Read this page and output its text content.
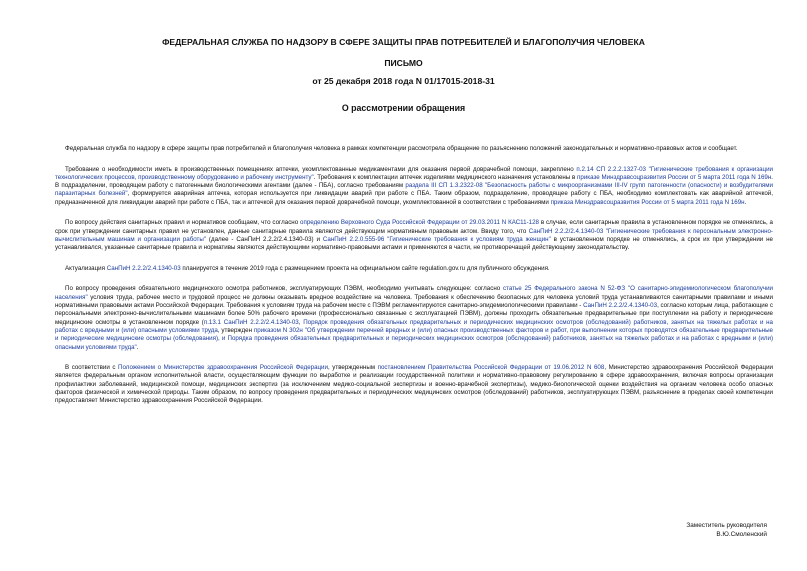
ФЕДЕРАЛЬНАЯ СЛУЖБА ПО НАДЗОРУ В СФЕРЕ ЗАЩИТЫ ПРАВ ПОТРЕБИТЕЛЕЙ И БЛАГОПОЛУЧИЯ ЧЕЛОВЕКА
ПИСЬМО
от 25 декабря 2018 года N 01/17015-2018-31
О рассмотрении обращения

Федеральная служба по надзору в сфере защиты прав потребителей и благополучия человека в рамках компетенции рассмотрела обращение по разъяснению положений законодательных и нормативно-правовых актов и сообщает.

Требование о необходимости иметь в производственных помещениях аптечки, укомплектованные медикаментами для оказания первой доврачебной помощи, закреплено п.2.14 СП 2.2.2.1327-03 "Гигиенические требования к организации технологических процессов, производственному оборудованию и рабочему инструменту". Требования к комплектации аптечек изделиями медицинского назначения установлены в приказе Минздравсоцразвития России от 5 марта 2011 года N 169н. В подразделении, проводящем работу с патогенными биологическими агентами (далее - ПБА), согласно требованиям раздела III СП 1.3.2322-08 "Безопасность работы с микроорганизмами III-IV групп патогенности (опасности) и возбудителями паразитарных болезней", формируется аварийная аптечка, которая используется при ликвидации аварий при работе с ПБА. Таким образом, подразделение, проводящее работу с ПБА, необходимо комплектовать как аварийной аптечкой, предназначенной для ликвидации аварий при работе с ПБА, так и аптечкой для оказания первой доврачебной помощи, укомплектованной в соответствии с требованиями приказа Минздравсоцразвития России от 5 марта 2011 года N 169н.

По вопросу действия санитарных правил и нормативов сообщаем, что согласно определению Верховного Суда Российской Федерации от 29.03.2011 N КАС11-128 в случае, если санитарные правила в установленном порядке не отменялись, а срок при утверждении санитарных правил не установлен, данные санитарные правила являются действующим нормативным правовым актом. Ввиду того, что СанПиН 2.2.2/2.4.1340-03 "Гигиенические требования к персональным электронно-вычислительным машинам и организации работы" (далее - СанПиН 2.2.2/2.4.1340-03) и СанПиН 2.2.0.555-96 "Гигиенические требования к условиям труда женщин" в установленном порядке не отменялись, а срок их при утверждении не устанавливался, указанные санитарные правила и нормативы являются действующими нормативно-правовыми актами и применяются в части, не противоречащей действующему законодательству.

Актуализация СанПиН 2.2.2/2.4.1340-03 планируется в течение 2019 года с размещением проекта на официальном сайте regulation.gov.ru для публичного обсуждения.

По вопросу проведения обязательного медицинского осмотра работников, эксплуатирующих ПЭВМ, необходимо учитывать следующее: согласно статье 25 Федерального закона N 52-ФЗ "О санитарно-эпидемиологическом благополучии населения" условия труда, рабочее место и трудовой процесс не должны оказывать вредное воздействие на человека. Требования к обеспечению безопасных для человека условий труда устанавливаются санитарными правилами и иными нормативными правовыми актами Российской Федерации. Требования к условиям труда на рабочем месте с ПЭВМ регламентируются санитарно-эпидемиологическими правилами - СанПиН 2.2.2/2.4.1340-03, согласно которым лица, работающие с персональными электронно-вычислительными машинами более 50% рабочего времени (профессионально связанные с эксплуатацией ПЭВМ), должны проходить обязательные предварительные при поступлении на работу и периодические медицинские осмотры в установленном порядке (п.13.1 СанПиН 2.2.2/2.4.1340-03, Порядок проведения обязательных предварительных и периодических медицинских осмотров (обследований) работников, занятых на тяжелых работах и на работах с вредными и (или) опасными условиями труда, утвержден приказом N 302н "Об утверждении перечней вредных и (или) опасных производственных факторов и работ, при выполнении которых проводятся обязательные предварительные и периодические медицинские осмотры (обследования), и Порядка проведения обязательных предварительных и периодических медицинских осмотров (обследований) работников, занятых на тяжелых работах и на работах с вредными и (или) опасными условиями труда".

В соответствии с Положением о Министерстве здравоохранения Российской Федерации, утвержденным постановлением Правительства Российской Федерации от 19.06.2012 N 608, Министерство здравоохранения Российской Федерации является федеральным органом исполнительной власти, осуществляющим функции по выработке и реализации государственной политики и нормативно-правовому регулированию в сфере здравоохранения, включая вопросы организации профилактики заболеваний, медицинской помощи, медицинских экспертиз (за исключением медико-социальной экспертизы и военно-врачебной экспертизы), медико-биологической оценки воздействия на организм человека особо опасных факторов физической и химической природы. Таким образом, по вопросу проведения предварительных и периодических медицинских осмотров (обследований) работников, эксплуатирующих ПЭВМ, разъяснение в пределах своей компетенции предоставляет Министерство здравоохранения Российской Федерации.

Заместитель руководителя
В.Ю.Смоленский
